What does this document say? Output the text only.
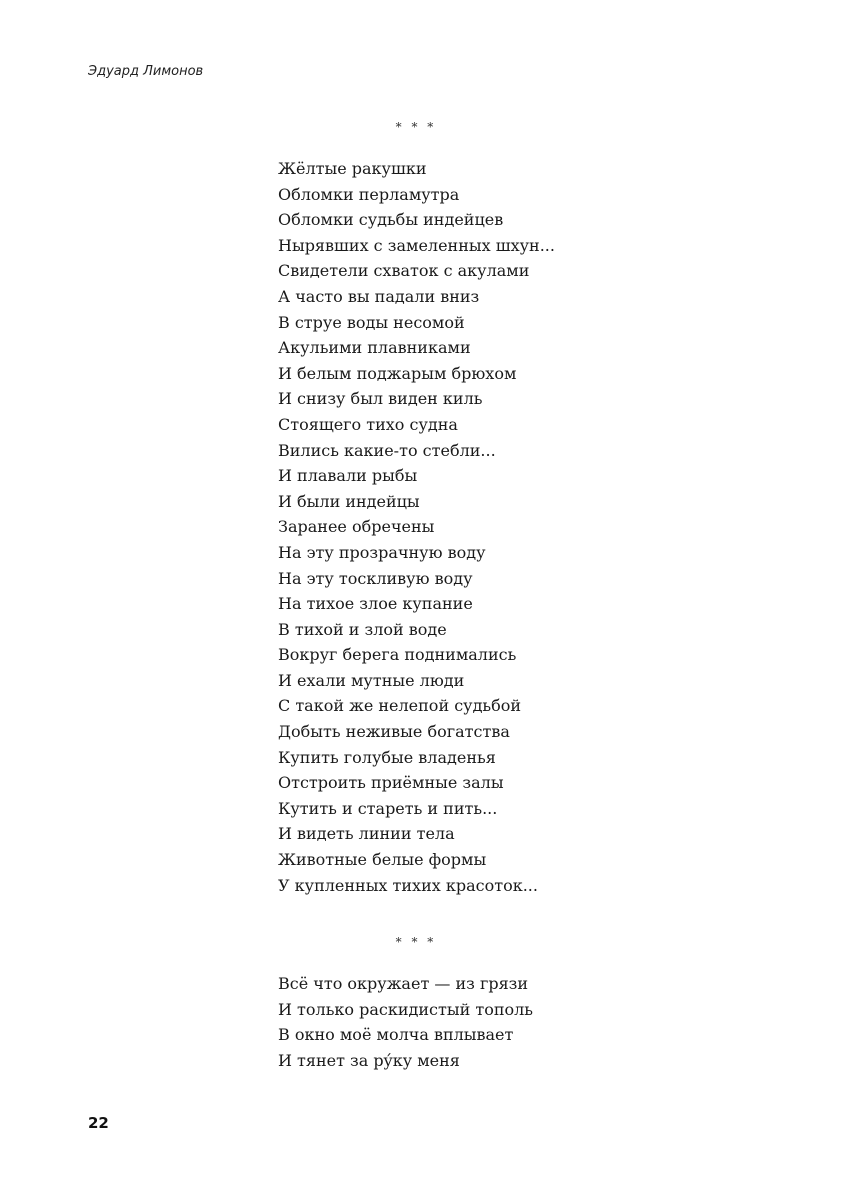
Эдуард Лимонов
* * *
Жёлтые ракушки
Обломки перламутра
Обломки судьбы индейцев
Нырявших с замеленных шхун...
Свидетели схваток с акулами
А часто вы падали вниз
В струе воды несомой
Акульими плавниками
И белым поджарым брюхом
И снизу был виден киль
Стоящего тихо судна
Вились какие-то стебли...
И плавали рыбы
И были индейцы
Заранее обречены
На эту прозрачную воду
На эту тоскливую воду
На тихое злое купание
В тихой и злой воде
Вокруг берега поднимались
И ехали мутные люди
С такой же нелепой судьбой
Добыть неживые богатства
Купить голубые владенья
Отстроить приёмные залы
Кутить и стареть и пить...
И видеть линии тела
Животные белые формы
У купленных тихих красоток...
* * *
Всё что окружает — из грязи
И только раскидистый тополь
В окно моё молча вплывает
И тянет за рýку меня
22
